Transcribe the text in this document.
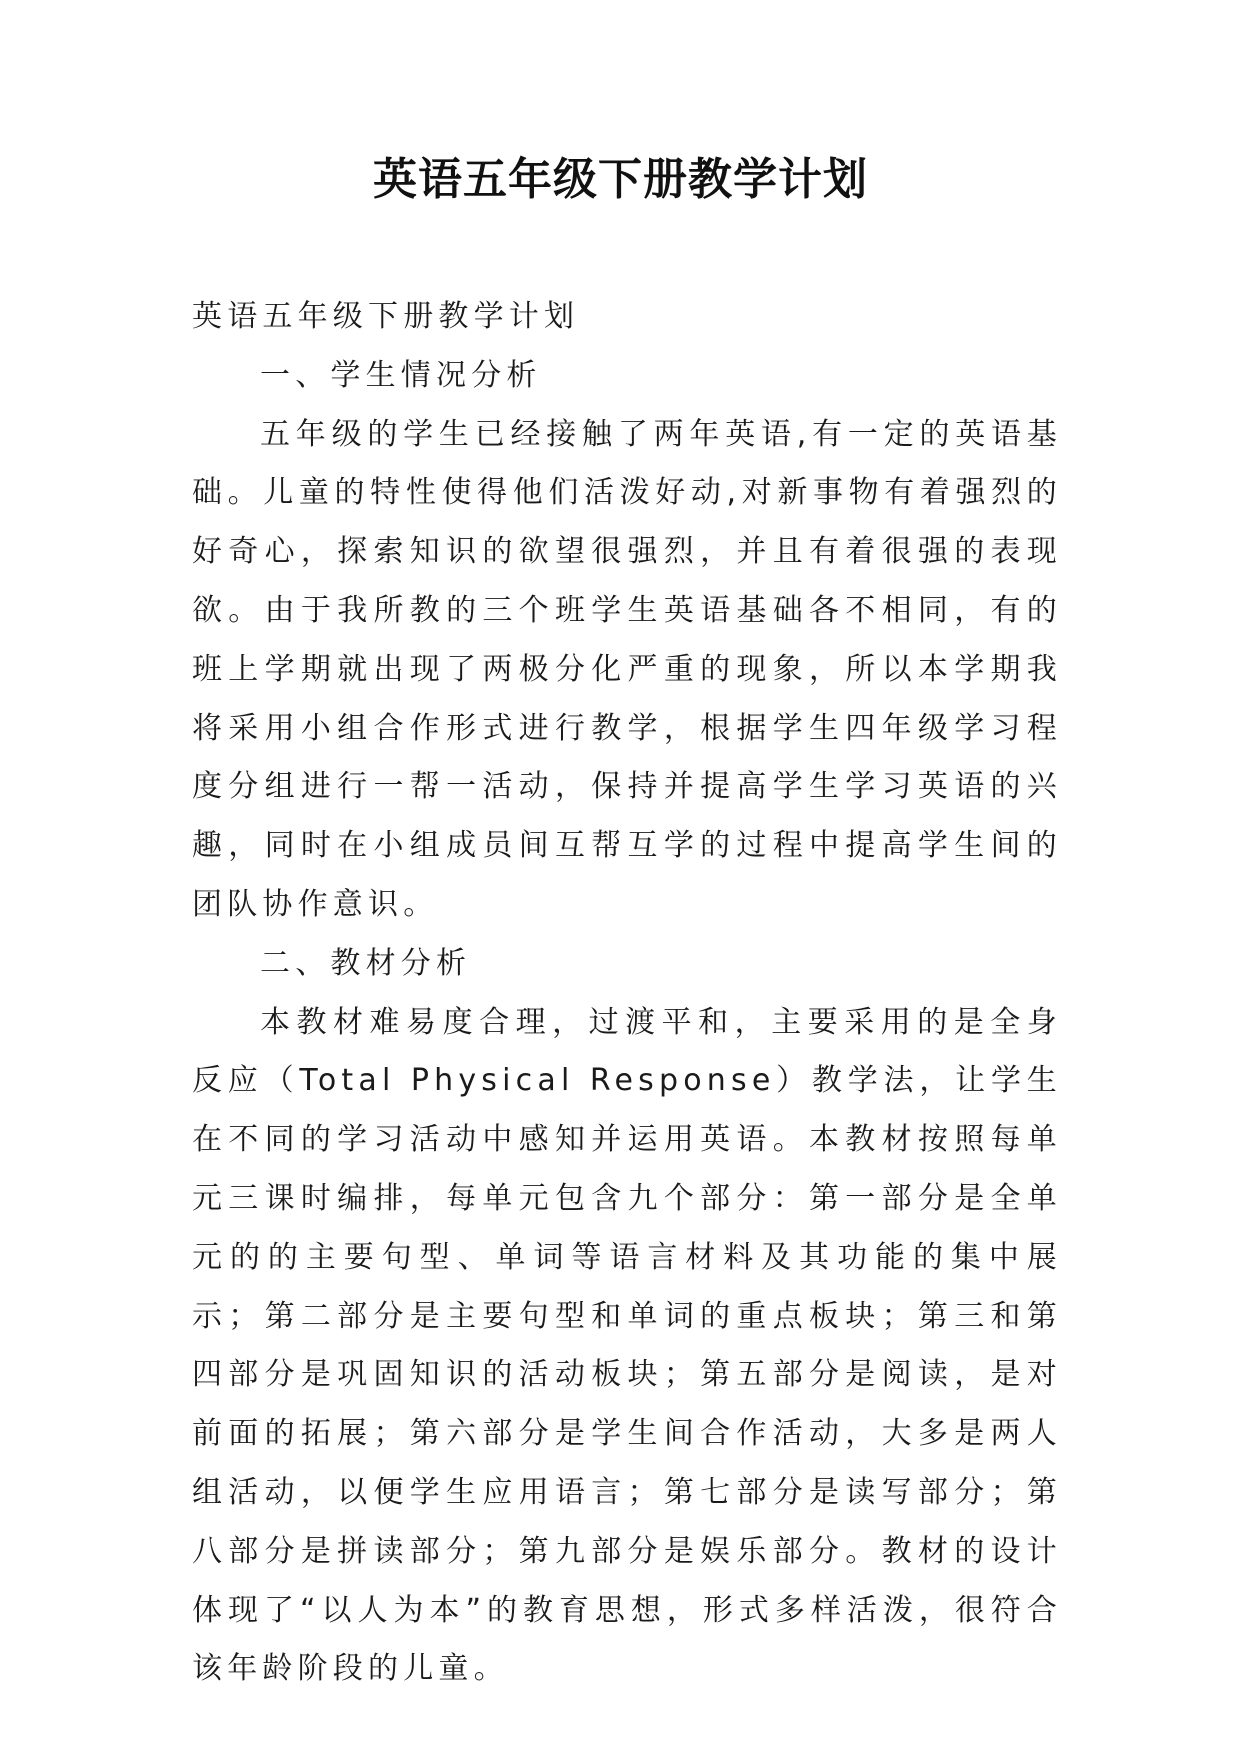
英语五年级下册教学计划

英语五年级下册教学计划

一、学生情况分析

五年级的学生已经接触了两年英语,有一定的英语基础。儿童的特性使得他们活泼好动,对新事物有着强烈的好奇心，探索知识的欲望很强烈，并且有着很强的表现欲。由于我所教的三个班学生英语基础各不相同，有的班上学期就出现了两极分化严重的现象，所以本学期我将采用小组合作形式进行教学，根据学生四年级学习程度分组进行一帮一活动，保持并提高学生学习英语的兴趣，同时在小组成员间互帮互学的过程中提高学生间的团队协作意识。

二、教材分析

本教材难易度合理，过渡平和，主要采用的是全身反应（Total Physical Response）教学法，让学生在不同的学习活动中感知并运用英语。本教材按照每单元三课时编排，每单元包含九个部分：第一部分是全单元的的主要句型、单词等语言材料及其功能的集中展示；第二部分是主要句型和单词的重点板块；第三和第四部分是巩固知识的活动板块；第五部分是阅读，是对前面的拓展；第六部分是学生间合作活动，大多是两人组活动，以便学生应用语言；第七部分是读写部分；第八部分是拼读部分；第九部分是娱乐部分。教材的设计体现了“以人为本”的教育思想，形式多样活泼，很符合该年龄阶段的儿童。
